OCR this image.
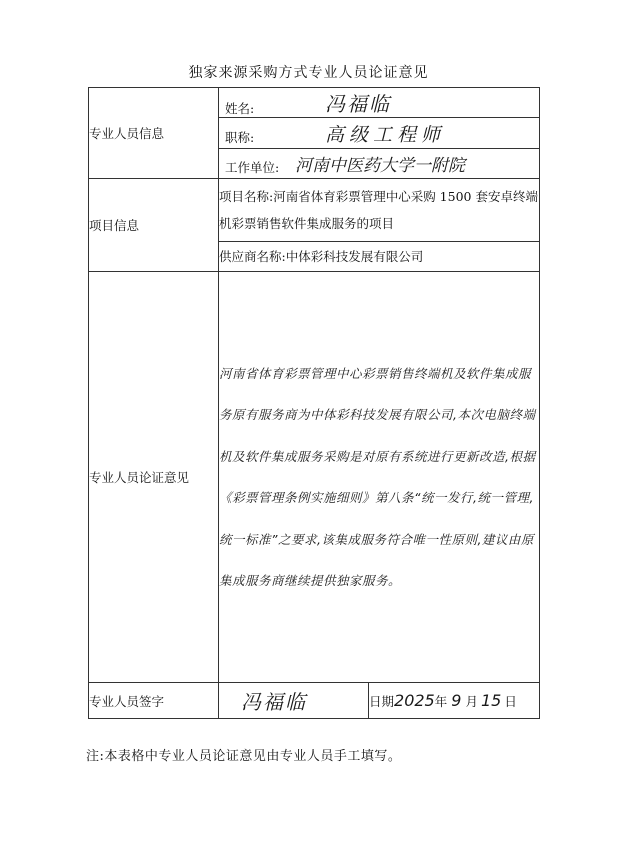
独家来源采购方式专业人员论证意见
专业人员信息	姓名: 冯福临	
	职称: 高级工程师	
	工作单位: 河南中医药大学一附院	

项目信息	项目名称:河南省体育彩票管理中心采购 1500 套安卓终端机彩票销售软件集成服务的项目	
	供应商名称:中体彩科技发展有限公司	

专业人员论证意见	河南省体育彩票管理中心彩票销售终端机及软件集成服务原有服务商为中体彩科技发展有限公司,本次电脑终端机及软件集成服务采购是对原有系统进行更新改造,根据《彩票管理条例实施细则》第八条“统一发行,统一管理,统一标准”之要求,该集成服务符合唯一性原则,建议由原集成服务商继续提供独家服务。	

专业人员签字	冯福临	日期2025年 9 月 15 日
注:本表格中专业人员论证意见由专业人员手工填写。
